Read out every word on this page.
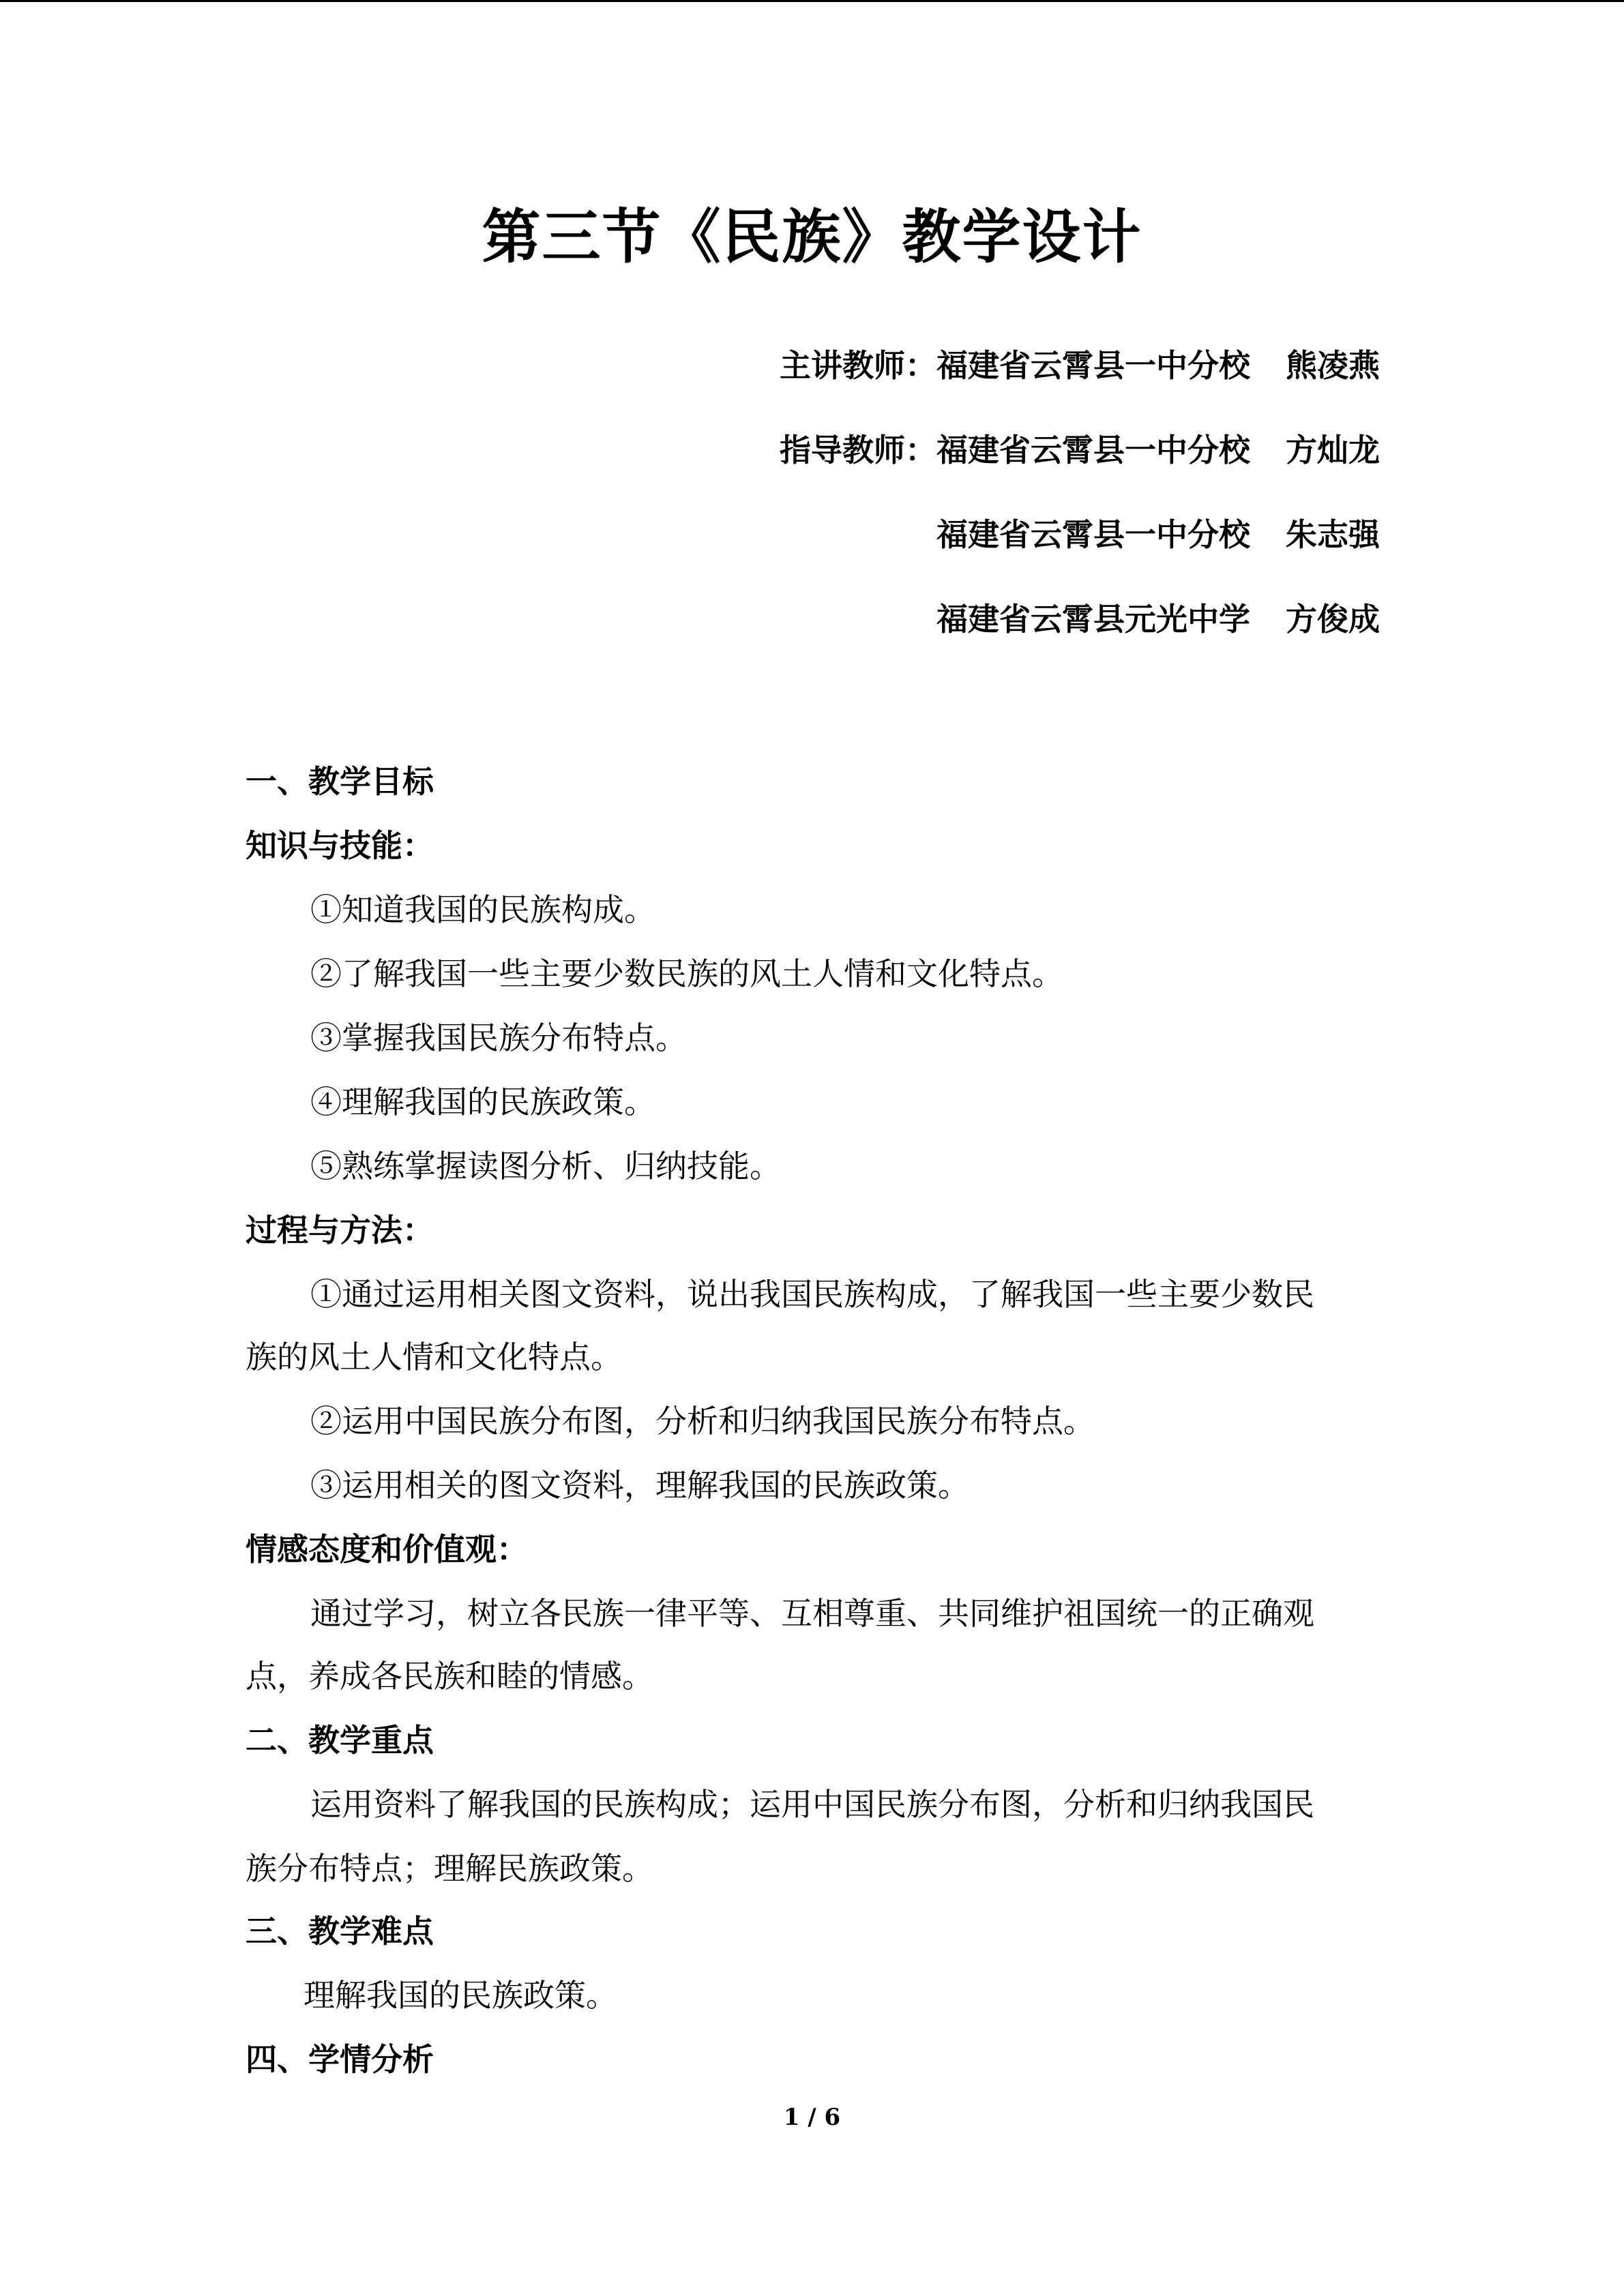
第三节《民族》教学设计
主讲教师：福建省云霄县一中分校 熊凌燕
指导教师：福建省云霄县一中分校 方灿龙
福建省云霄县一中分校 朱志强
福建省云霄县元光中学 方俊成
一、教学目标
知识与技能：
①知道我国的民族构成。
②了解我国一些主要少数民族的风土人情和文化特点。
③掌握我国民族分布特点。
④理解我国的民族政策。
⑤熟练掌握读图分析、归纳技能。
过程与方法：
①通过运用相关图文资料，说出我国民族构成，了解我国一些主要少数民
族的风土人情和文化特点。
②运用中国民族分布图，分析和归纳我国民族分布特点。
③运用相关的图文资料，理解我国的民族政策。
情感态度和价值观：
通过学习，树立各民族一律平等、互相尊重、共同维护祖国统一的正确观
点，养成各民族和睦的情感。
二、教学重点
运用资料了解我国的民族构成；运用中国民族分布图，分析和归纳我国民
族分布特点；理解民族政策。
三、教学难点
理解我国的民族政策。
四、学情分析
1 / 6
